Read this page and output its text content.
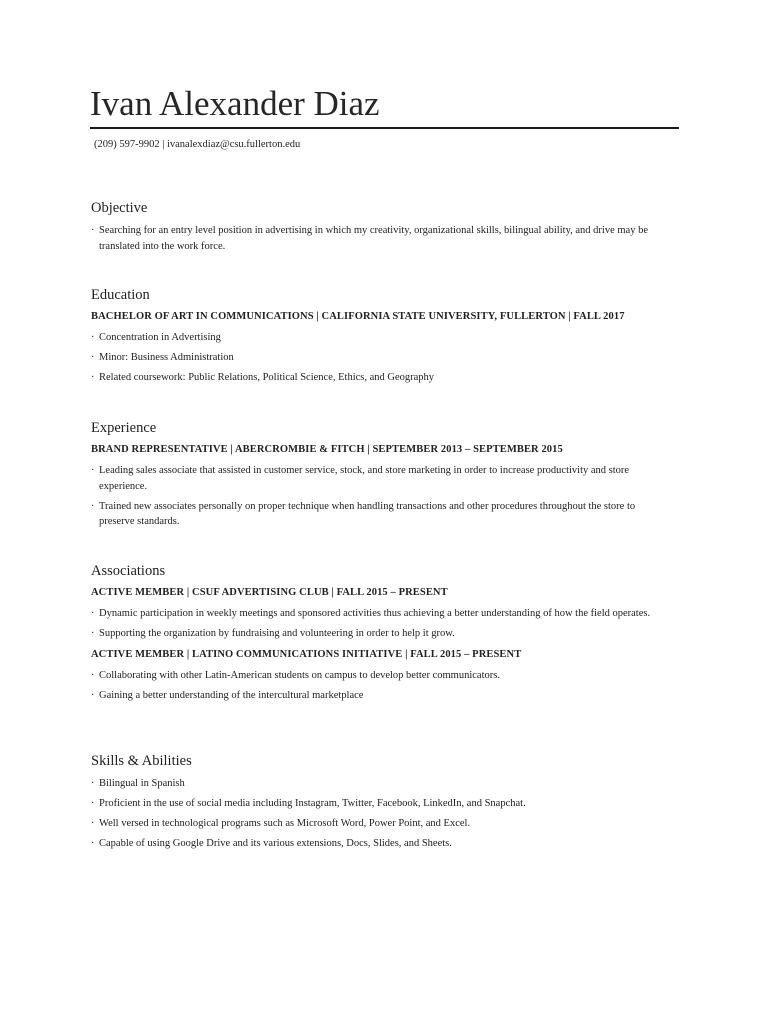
Ivan Alexander Diaz
(209) 597-9902 | ivanalexdiaz@csu.fullerton.edu
Objective
· Searching for an entry level position in advertising in which my creativity, organizational skills, bilingual ability, and drive may be translated into the work force.
Education
BACHELOR OF ART IN COMMUNICATIONS | CALIFORNIA STATE UNIVERSITY, FULLERTON | FALL 2017
· Concentration in Advertising
· Minor: Business Administration
· Related coursework: Public Relations, Political Science, Ethics, and Geography
Experience
BRAND REPRESENTATIVE | ABERCROMBIE & FITCH | SEPTEMBER 2013 – SEPTEMBER 2015
· Leading sales associate that assisted in customer service, stock, and store marketing in order to increase productivity and store experience.
· Trained new associates personally on proper technique when handling transactions and other procedures throughout the store to preserve standards.
Associations
ACTIVE MEMBER | CSUF ADVERTISING CLUB | FALL 2015 – PRESENT
· Dynamic participation in weekly meetings and sponsored activities thus achieving a better understanding of how the field operates.
· Supporting the organization by fundraising and volunteering in order to help it grow.
ACTIVE MEMBER | LATINO COMMUNICATIONS INITIATIVE | FALL 2015 – PRESENT
· Collaborating with other Latin-American students on campus to develop better communicators.
· Gaining a better understanding of the intercultural marketplace
Skills & Abilities
· Bilingual in Spanish
· Proficient in the use of social media including Instagram, Twitter, Facebook, LinkedIn, and Snapchat.
· Well versed in technological programs such as Microsoft Word, Power Point, and Excel.
· Capable of using Google Drive and its various extensions, Docs, Slides, and Sheets.
